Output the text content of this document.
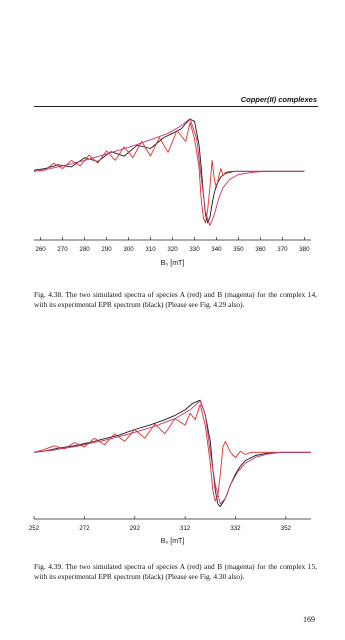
Copper(II) complexes
260 270 280 290 300 310 320 330 340 350 360 370 380
B₀ [mT]
Fig. 4.38. The two simulated spectra of species A (red) and B (magenta) for the complex 14, with its experimental EPR spectrum (black) (Please see Fig. 4.29 also).
252	272	292	312	332	352
B₀ [mT]
Fig. 4.39. The two simulated spectra of species A (red) and B (magenta) for the complex 15, with its experimental EPR spectrum (black) (Please see Fig. 4.30 also).
169
